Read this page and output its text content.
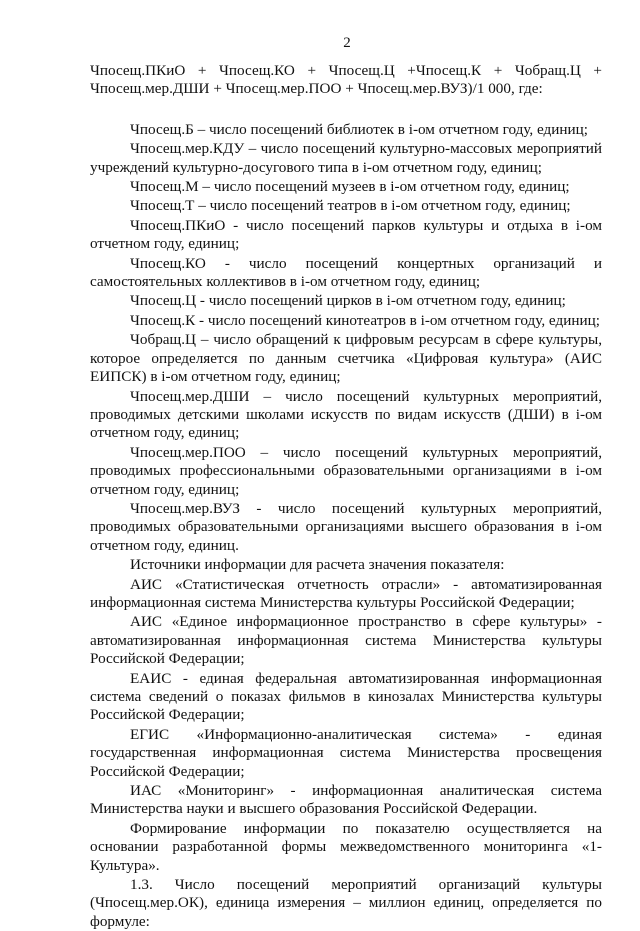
2

Чпосещ.ПКиО + Чпосещ.КО + Чпосещ.Ц +Чпосещ.К + Чобращ.Ц + Чпосещ.мер.ДШИ + Чпосещ.мер.ПОО + Чпосещ.мер.ВУЗ)/1 000, где:

Чпосещ.Б – число посещений библиотек в i-ом отчетном году, единиц;

Чпосещ.мер.КДУ – число посещений культурно-массовых мероприятий учреждений культурно-досугового типа в i-ом отчетном году, единиц;

Чпосещ.М – число посещений музеев в i-ом отчетном году, единиц;

Чпосещ.Т – число посещений театров в i-ом отчетном году, единиц;

Чпосещ.ПКиО - число посещений парков культуры и отдыха в i-ом отчетном году, единиц;

Чпосещ.КО - число посещений концертных организаций и самостоятельных коллективов в i-ом отчетном году, единиц;

Чпосещ.Ц - число посещений цирков в i-ом отчетном году, единиц;

Чпосещ.К - число посещений кинотеатров в i-ом отчетном году, единиц;

Чобращ.Ц – число обращений к цифровым ресурсам в сфере культуры, которое определяется по данным счетчика «Цифровая культура» (АИС ЕИПСК) в i-ом отчетном году, единиц;

Чпосещ.мер.ДШИ – число посещений культурных мероприятий, проводимых детскими школами искусств по видам искусств (ДШИ) в i-ом отчетном году, единиц;

Чпосещ.мер.ПОО – число посещений культурных мероприятий, проводимых профессиональными образовательными организациями в i-ом отчетном году, единиц;

Чпосещ.мер.ВУЗ - число посещений культурных мероприятий, проводимых образовательными организациями высшего образования в i-ом отчетном году, единиц.

Источники информации для расчета значения показателя:

АИС «Статистическая отчетность отрасли» - автоматизированная информационная система Министерства культуры Российской Федерации;

АИС «Единое информационное пространство в сфере культуры» - автоматизированная информационная система Министерства культуры Российской Федерации;

ЕАИС - единая федеральная автоматизированная информационная система сведений о показах фильмов в кинозалах Министерства культуры Российской Федерации;

ЕГИС «Информационно-аналитическая система» - единая государственная информационная система Министерства просвещения Российской Федерации;

ИАС «Мониторинг» - информационная аналитическая система Министерства науки и высшего образования Российской Федерации.

Формирование информации по показателю осуществляется на основании разработанной формы межведомственного мониторинга «1-Культура».

1.3. Число посещений мероприятий организаций культуры (Чпосещ.мер.ОК), единица измерения – миллион единиц, определяется по формуле:
